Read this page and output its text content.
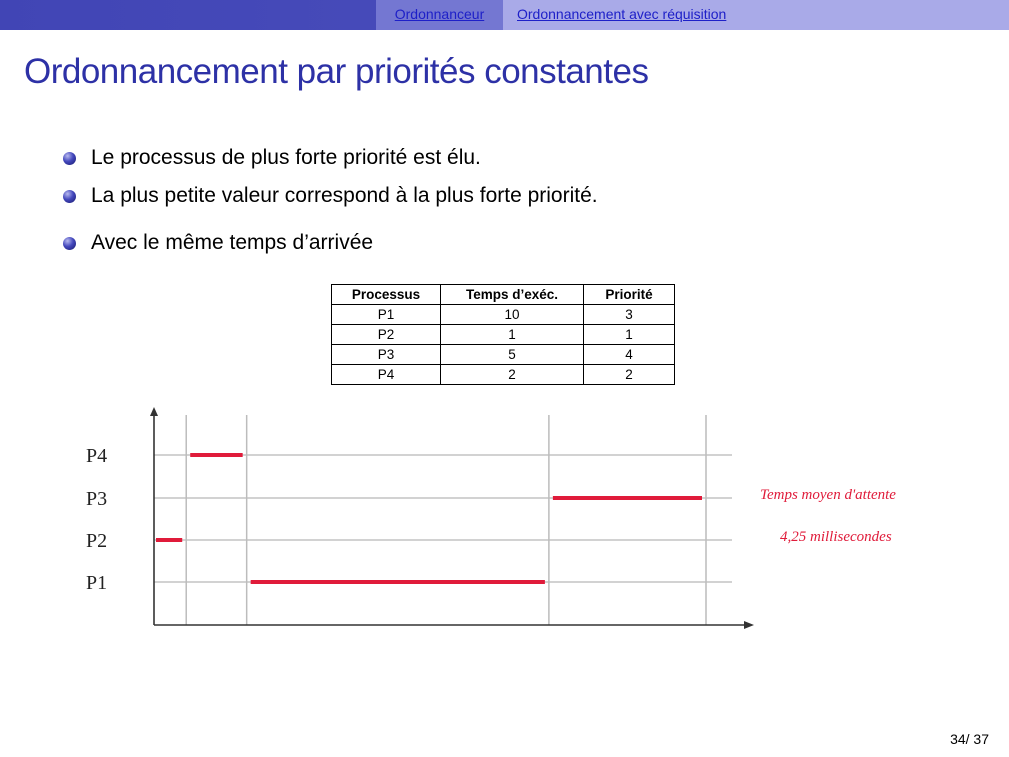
Ordonnanceur	Ordonnancement avec réquisition
Ordonnancement par priorités constantes
Le processus de plus forte priorité est élu.
La plus petite valeur correspond à la plus forte priorité.
Avec le même temps d’arrivée
Processus	Temps d’exéc.	Priorité
P1	10	3
P2	1	1
P3	5	4
P4	2	2
P1
P2
P3
P4
Temps moyen d'attente
4,25 millisecondes
34/ 37
